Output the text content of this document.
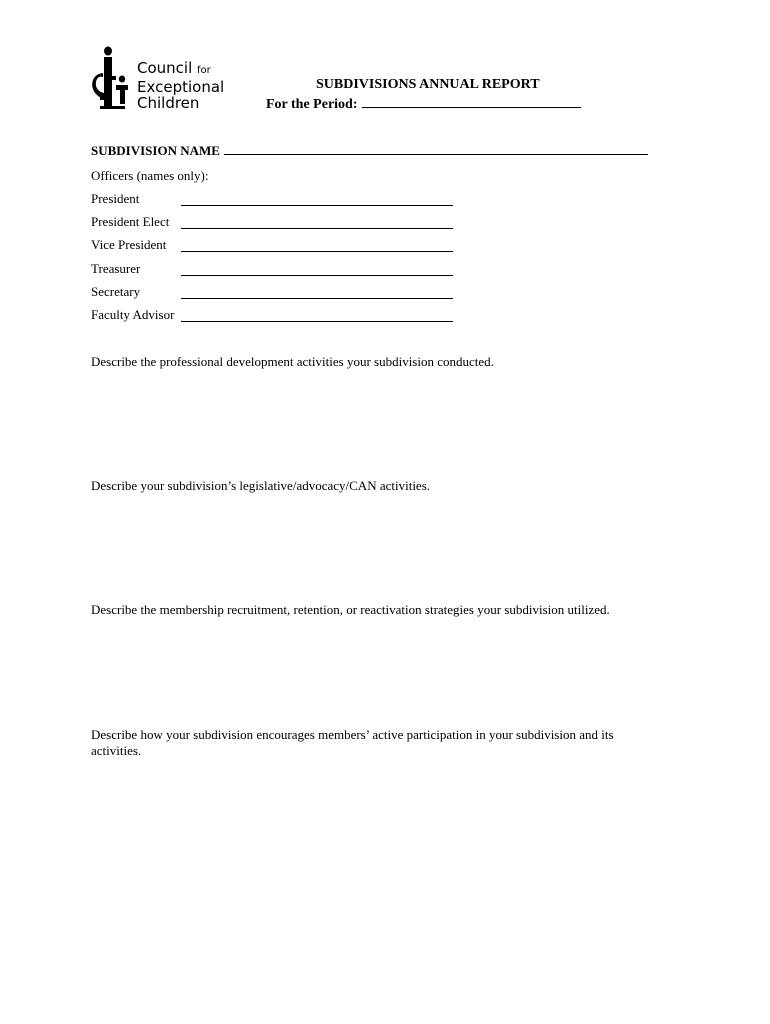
Council for
Exceptional
Children
SUBDIVISIONS ANNUAL REPORT
For the Period:
SUBDIVISION NAME
Officers (names only):
President
President Elect
Vice President
Treasurer
Secretary
Faculty Advisor
Describe the professional development activities your subdivision conducted.
Describe your subdivision’s legislative/advocacy/CAN activities.
Describe the membership recruitment, retention, or reactivation strategies your subdivision utilized.
Describe how your subdivision encourages members’ active participation in your subdivision and its activities.
